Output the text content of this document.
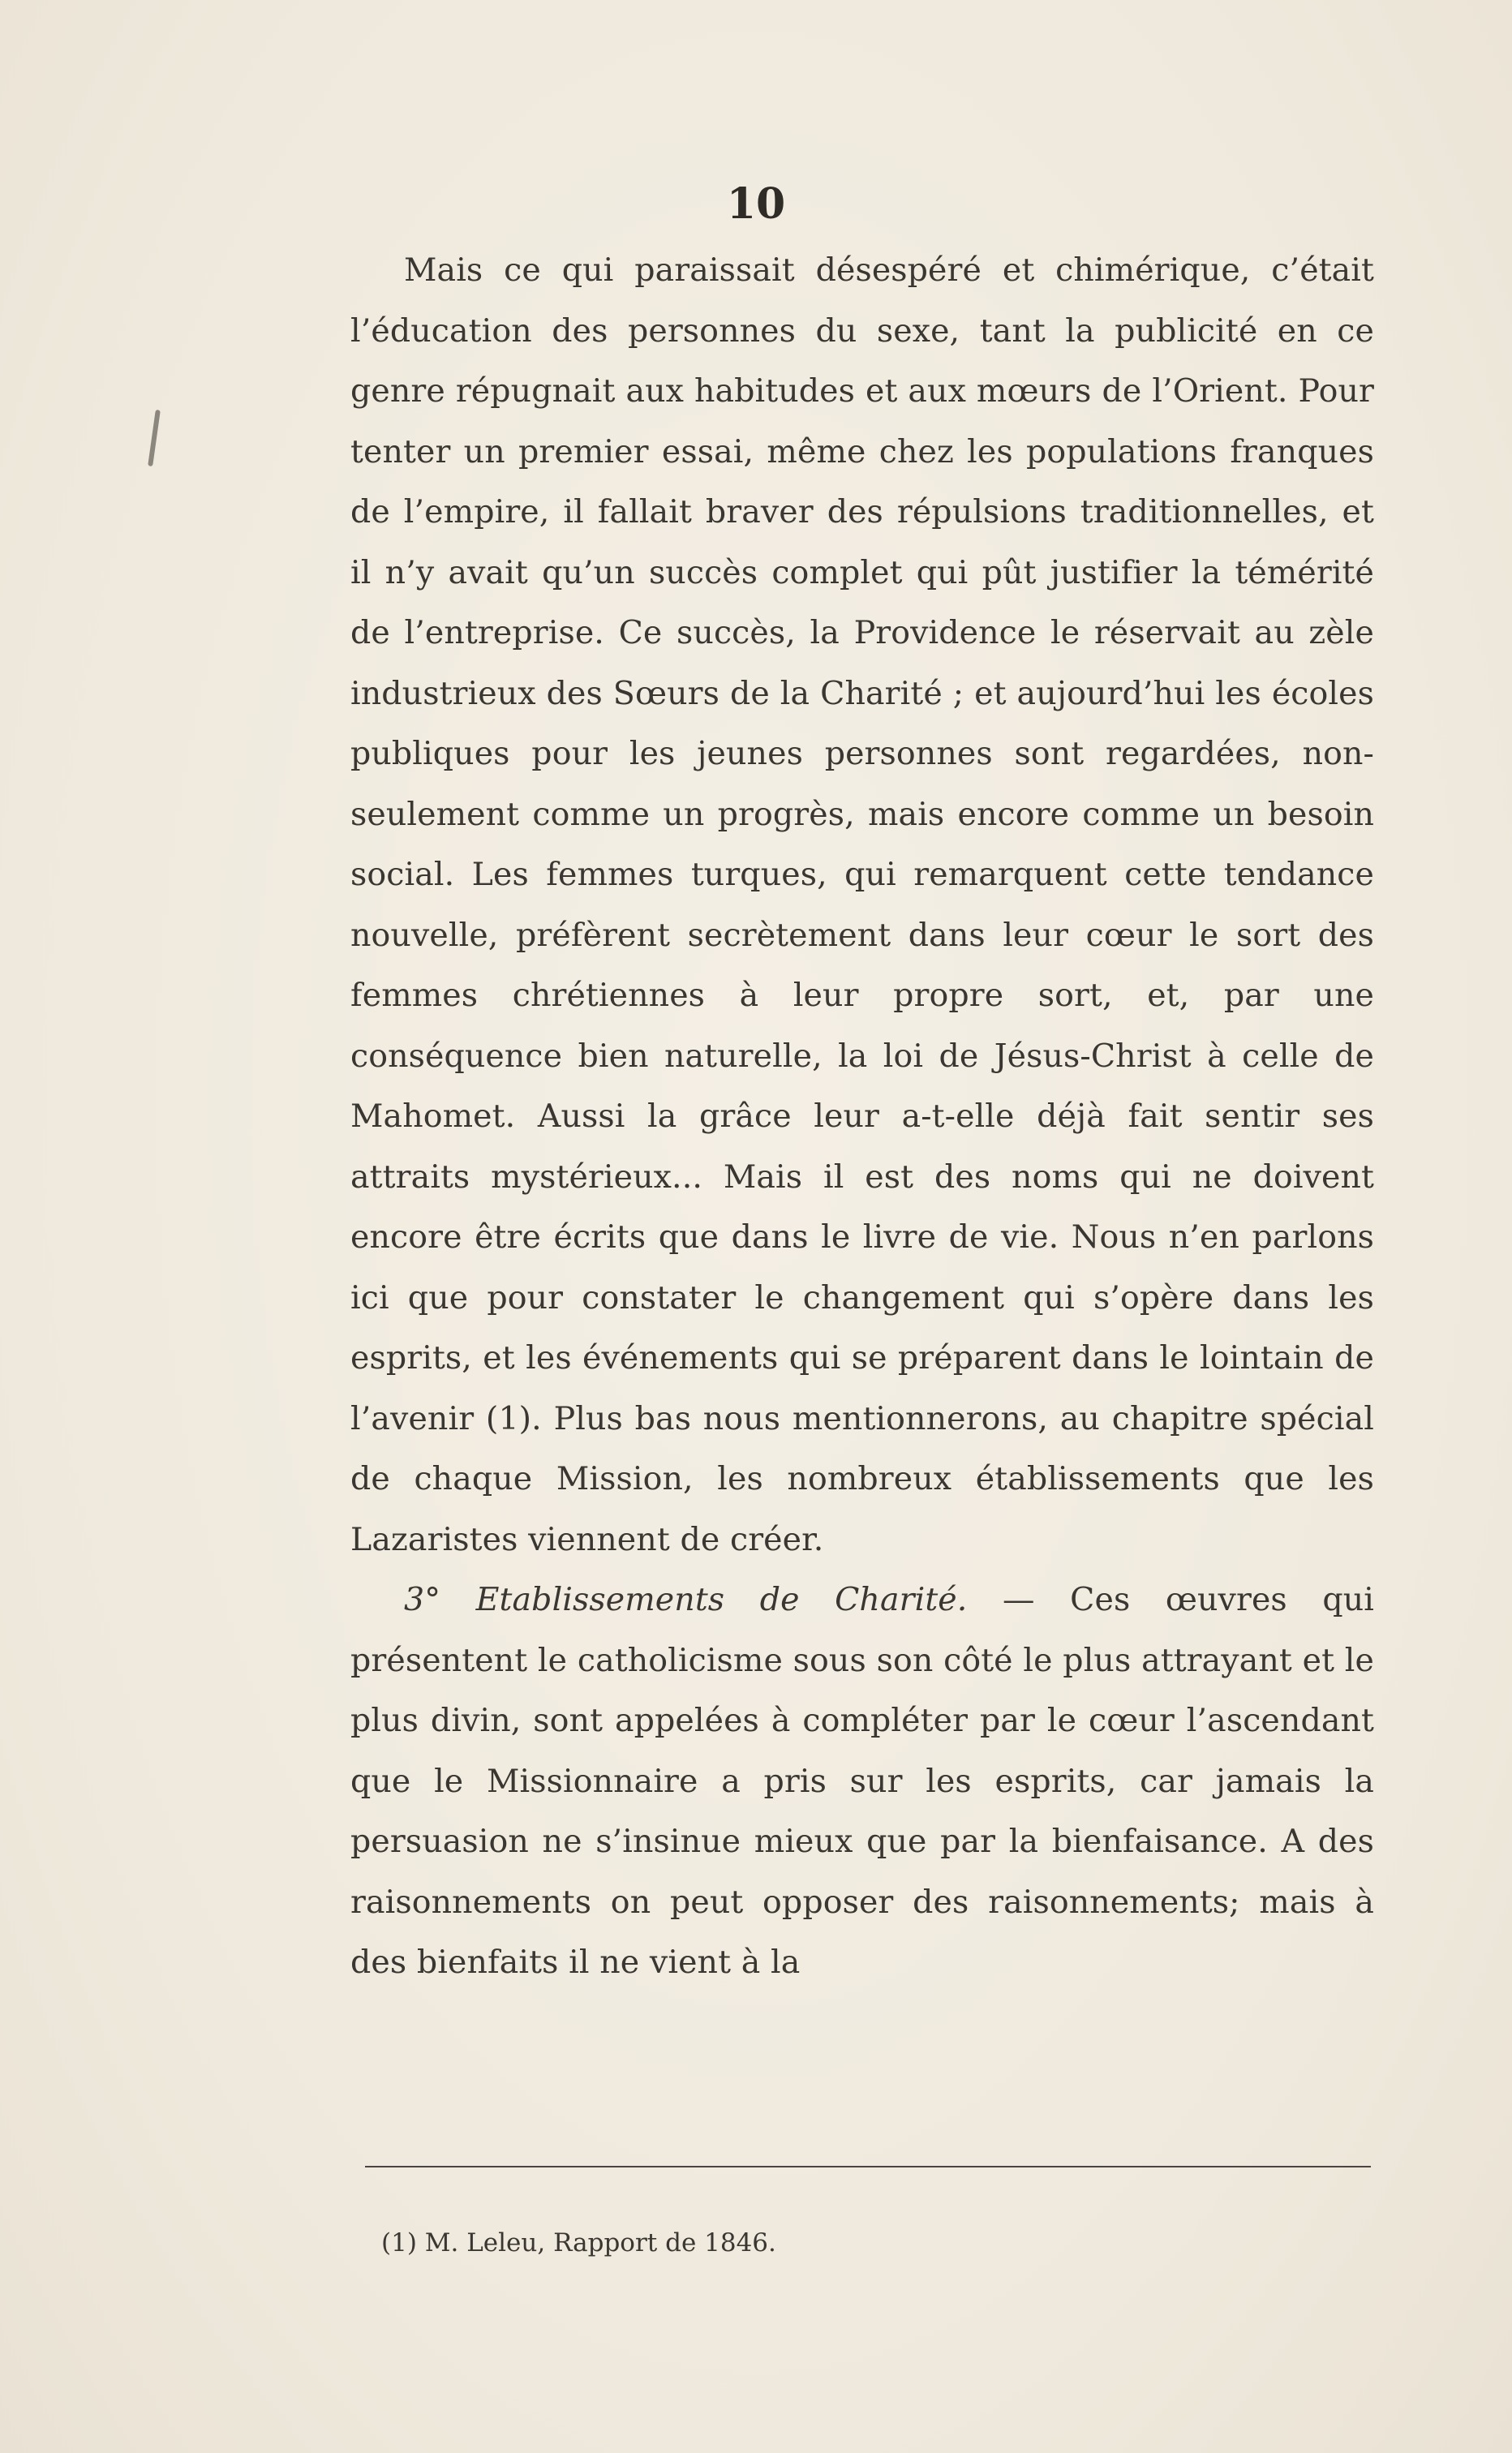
10

Mais ce qui paraissait désespéré et chimérique, c’était l’éducation des personnes du sexe, tant la publicité en ce genre répugnait aux habitudes et aux mœurs de l’Orient. Pour tenter un premier essai, même chez les populations franques de l’empire, il fallait braver des répulsions traditionnelles, et il n’y avait qu’un succès complet qui pût justifier la témérité de l’entreprise. Ce succès, la Providence le réservait au zèle industrieux des Sœurs de la Charité ; et aujourd’hui les écoles publiques pour les jeunes personnes sont regardées, non-seulement comme un progrès, mais encore comme un besoin social. Les femmes turques, qui remarquent cette tendance nouvelle, préfèrent secrètement dans leur cœur le sort des femmes chrétiennes à leur propre sort, et, par une conséquence bien naturelle, la loi de Jésus-Christ à celle de Mahomet. Aussi la grâce leur a-t-elle déjà fait sentir ses attraits mystérieux... Mais il est des noms qui ne doivent encore être écrits que dans le livre de vie. Nous n’en parlons ici que pour constater le changement qui s’opère dans les esprits, et les événements qui se préparent dans le lointain de l’avenir (1). Plus bas nous mentionnerons, au chapitre spécial de chaque Mission, les nombreux établissements que les Lazaristes viennent de créer.

3° Etablissements de Charité. — Ces œuvres qui présentent le catholicisme sous son côté le plus attrayant et le plus divin, sont appelées à compléter par le cœur l’ascendant que le Missionnaire a pris sur les esprits, car jamais la persuasion ne s’insinue mieux que par la bienfaisance. A des raisonnements on peut opposer des raisonnements; mais à des bienfaits il ne vient à la

(1) M. Leleu, Rapport de 1846.
